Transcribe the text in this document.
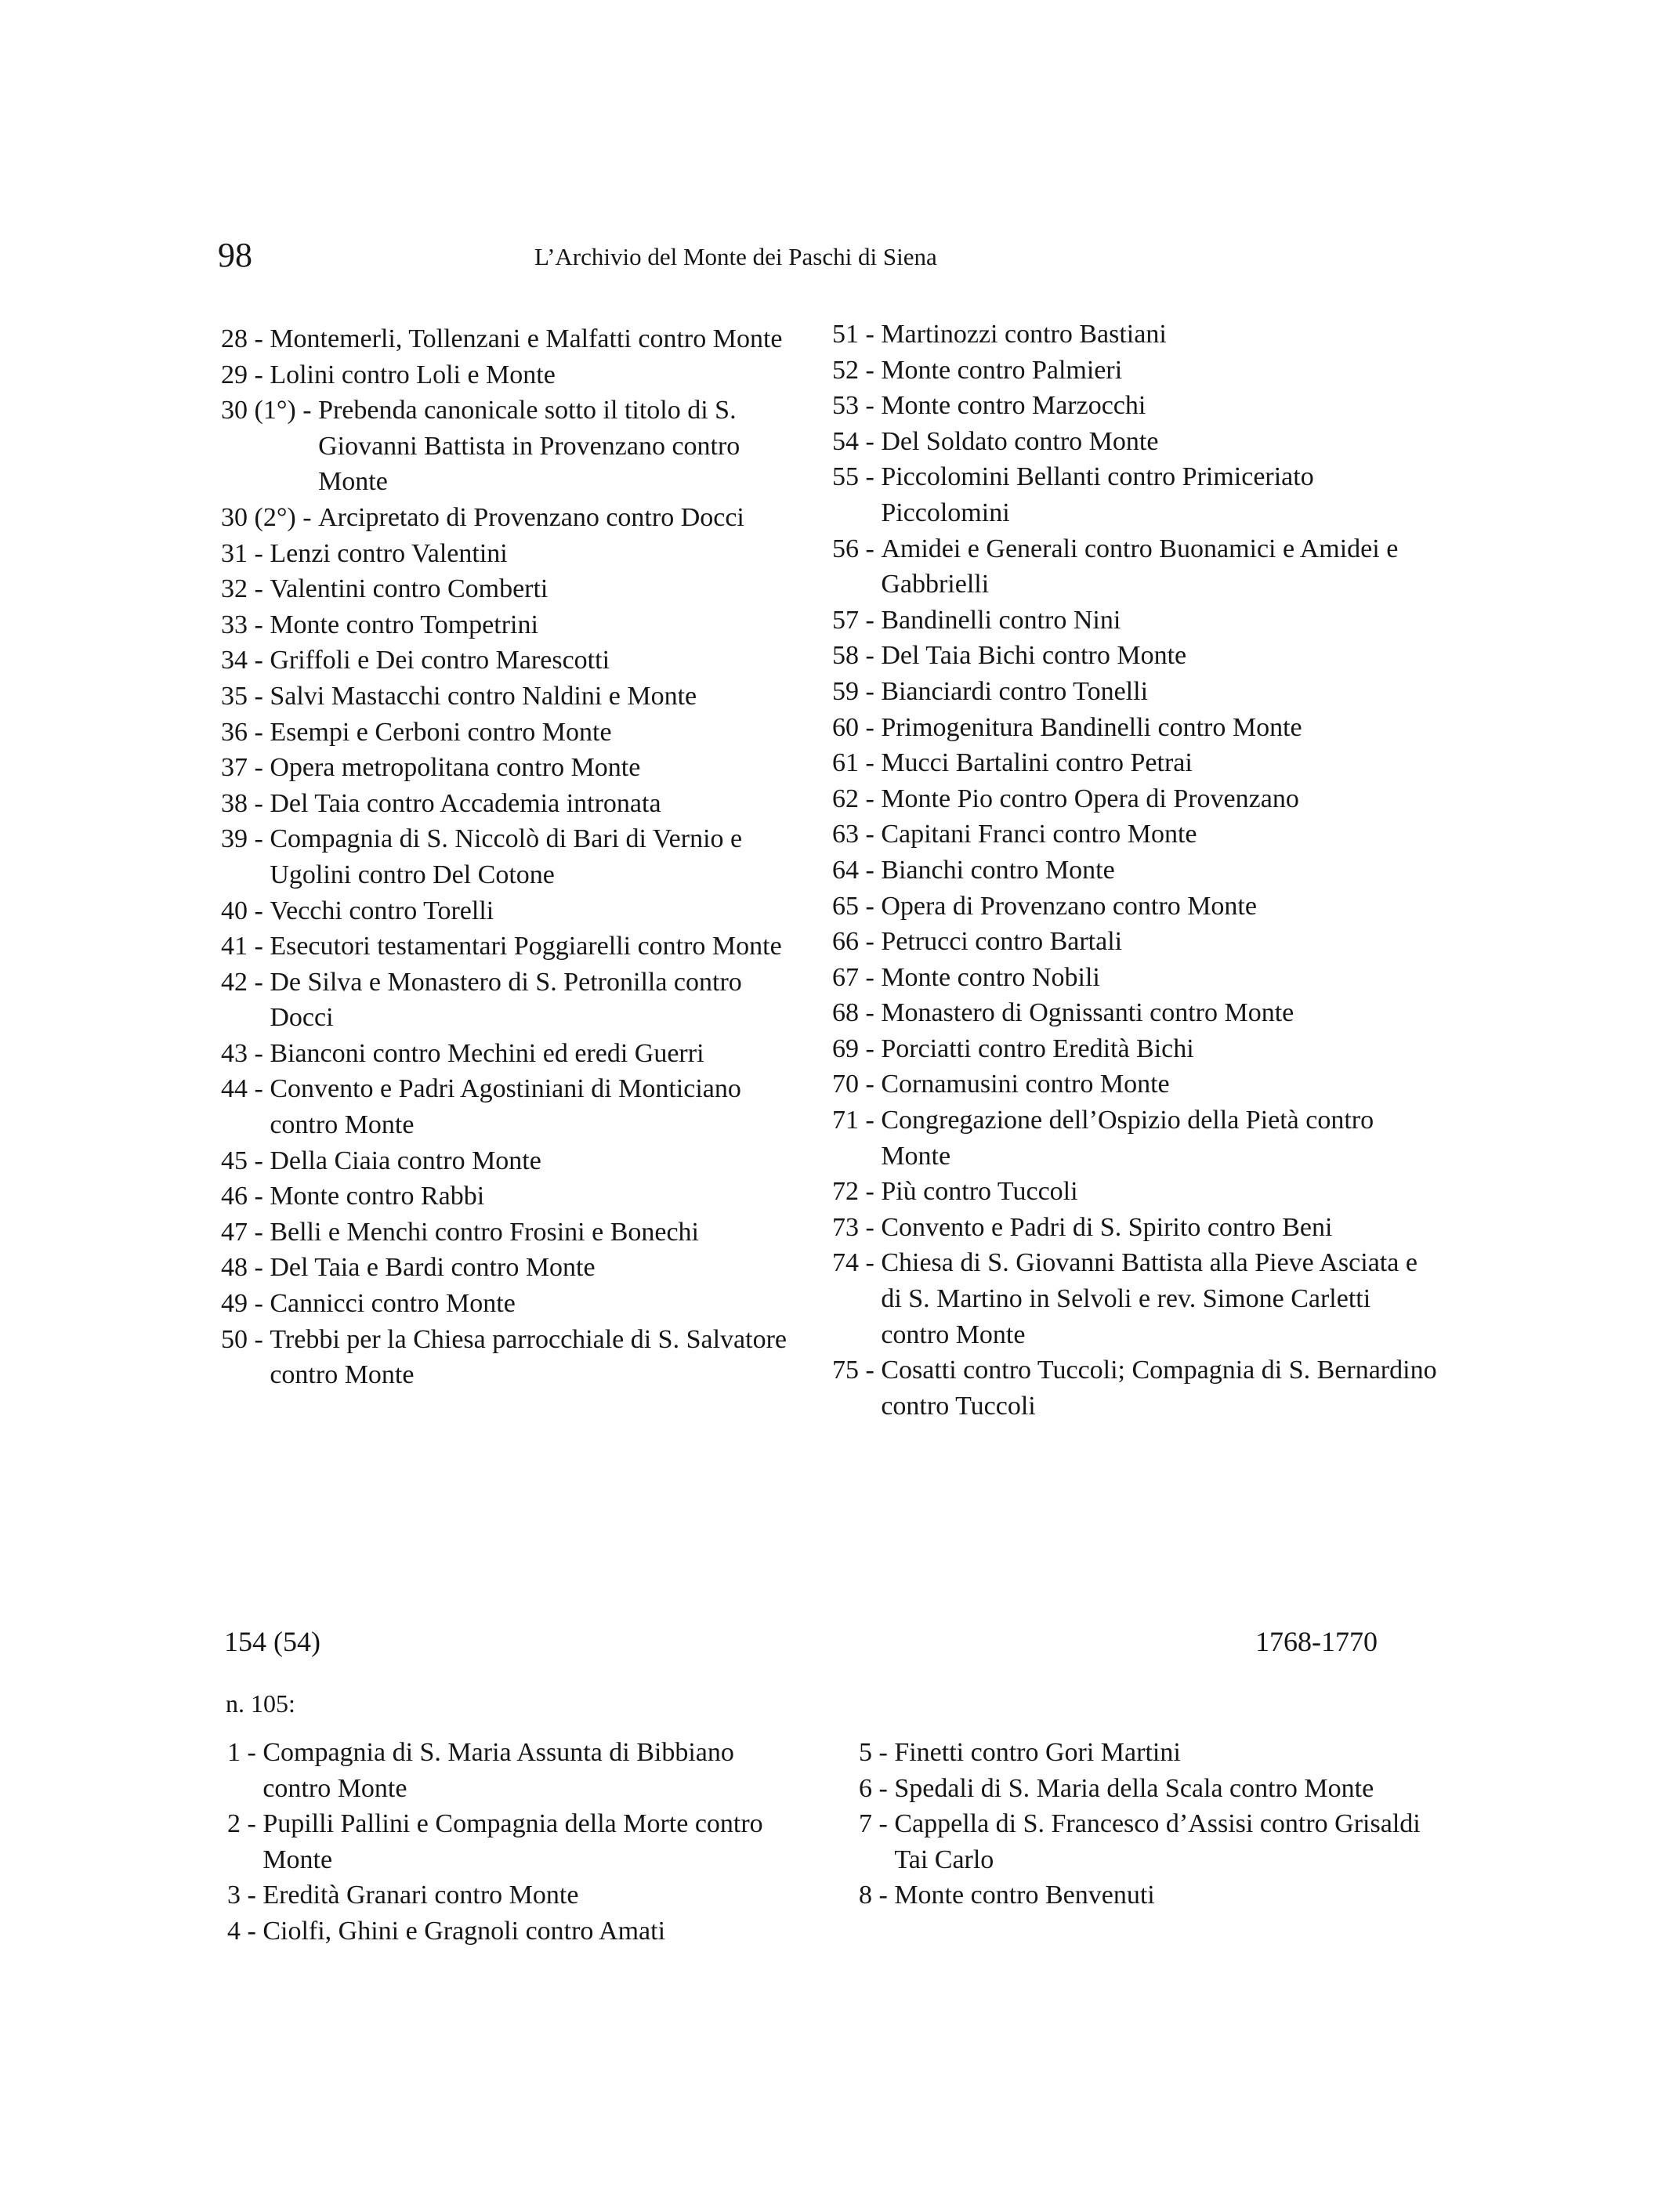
98	L’Archivio del Monte dei Paschi di Siena
28 - Montemerli, Tollenzani e Malfatti contro Monte
29 - Lolini contro Loli e Monte
30 (1°) - Prebenda canonicale sotto il titolo di S. Giovanni Battista in Provenzano contro Monte
30 (2°) - Arcipretato di Provenzano contro Docci
31 - Lenzi contro Valentini
32 - Valentini contro Comberti
33 - Monte contro Tompetrini
34 - Griffoli e Dei contro Marescotti
35 - Salvi Mastacchi contro Naldini e Monte
36 - Esempi e Cerboni contro Monte
37 - Opera metropolitana contro Monte
38 - Del Taia contro Accademia intronata
39 - Compagnia di S. Niccolò di Bari di Vernio e Ugolini contro Del Cotone
40 - Vecchi contro Torelli
41 - Esecutori testamentari Poggiarelli contro Monte
42 - De Silva e Monastero di S. Petronilla contro Docci
43 - Bianconi contro Mechini ed eredi Guerri
44 - Convento e Padri Agostiniani di Monticiano contro Monte
45 - Della Ciaia contro Monte
46 - Monte contro Rabbi
47 - Belli e Menchi contro Frosini e Bonechi
48 - Del Taia e Bardi contro Monte
49 - Cannicci contro Monte
50 - Trebbi per la Chiesa parrocchiale di S. Salvatore contro Monte
51 - Martinozzi contro Bastiani
52 - Monte contro Palmieri
53 - Monte contro Marzocchi
54 - Del Soldato contro Monte
55 - Piccolomini Bellanti contro Primiceriato Piccolomini
56 - Amidei e Generali contro Buonamici e Amidei e Gabbrielli
57 - Bandinelli contro Nini
58 - Del Taia Bichi contro Monte
59 - Bianciardi contro Tonelli
60 - Primogenitura Bandinelli contro Monte
61 - Mucci Bartalini contro Petrai
62 - Monte Pio contro Opera di Provenzano
63 - Capitani Franci contro Monte
64 - Bianchi contro Monte
65 - Opera di Provenzano contro Monte
66 - Petrucci contro Bartali
67 - Monte contro Nobili
68 - Monastero di Ognissanti contro Monte
69 - Porciatti contro Eredità Bichi
70 - Cornamusini contro Monte
71 - Congregazione dell’Ospizio della Pietà contro Monte
72 - Più contro Tuccoli
73 - Convento e Padri di S. Spirito contro Beni
74 - Chiesa di S. Giovanni Battista alla Pieve Asciata e di S. Martino in Selvoli e rev. Simone Carletti contro Monte
75 - Cosatti contro Tuccoli; Compagnia di S. Bernardino contro Tuccoli
154 (54)	1768-1770
n. 105:
1 - Compagnia di S. Maria Assunta di Bibbiano contro Monte
2 - Pupilli Pallini e Compagnia della Morte contro Monte
3 - Eredità Granari contro Monte
4 - Ciolfi, Ghini e Gragnoli contro Amati
5 - Finetti contro Gori Martini
6 - Spedali di S. Maria della Scala contro Monte
7 - Cappella di S. Francesco d’Assisi contro Grisaldi Tai Carlo
8 - Monte contro Benvenuti
